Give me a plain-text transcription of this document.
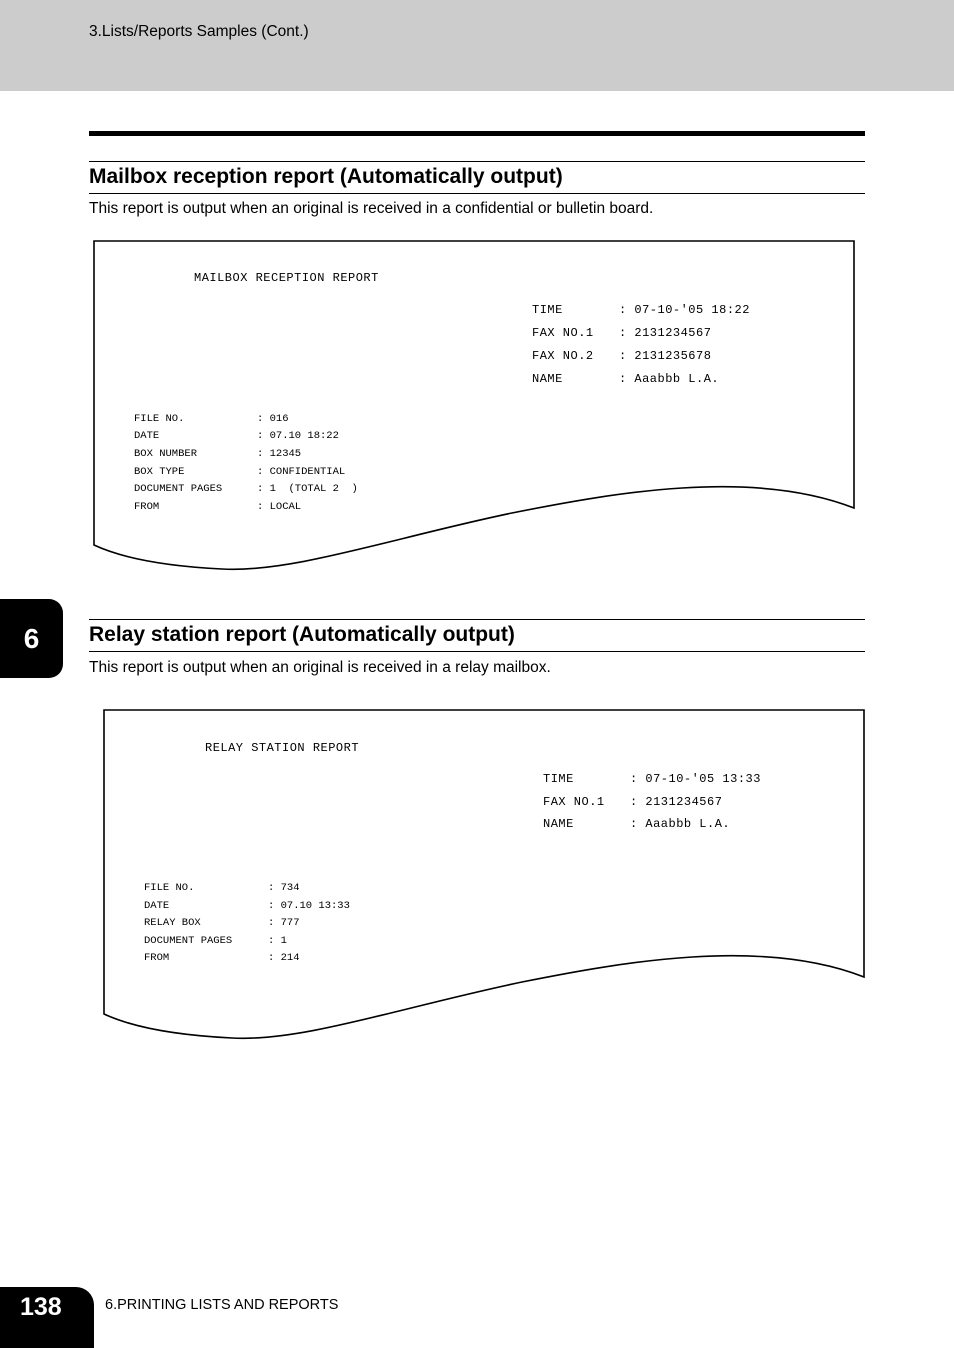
3.Lists/Reports Samples (Cont.)
Mailbox reception report (Automatically output)
This report is output when an original is received in a confidential or bulletin board.
MAILBOX RECEPTION REPORT
TIME	: 07-10-'05 18:22
FAX NO.1 : 2131234567
FAX NO.2 : 2131235678
NAME	: Aaabbb L.A.
FILE NO.	: 016
DATE	: 07.10 18:22
BOX NUMBER	: 12345
BOX TYPE	: CONFIDENTIAL
DOCUMENT PAGES	: 1  (TOTAL 2  )
FROM	: LOCAL
Relay station report (Automatically output)
This report is output when an original is received in a relay mailbox.
RELAY STATION REPORT
TIME	: 07-10-'05 13:33
FAX NO.1 : 2131234567
NAME	: Aaabbb L.A.
FILE NO.	: 734
DATE	: 07.10 13:33
RELAY BOX	: 777
DOCUMENT PAGES	: 1
FROM	: 214
6
138	6.PRINTING LISTS AND REPORTS
